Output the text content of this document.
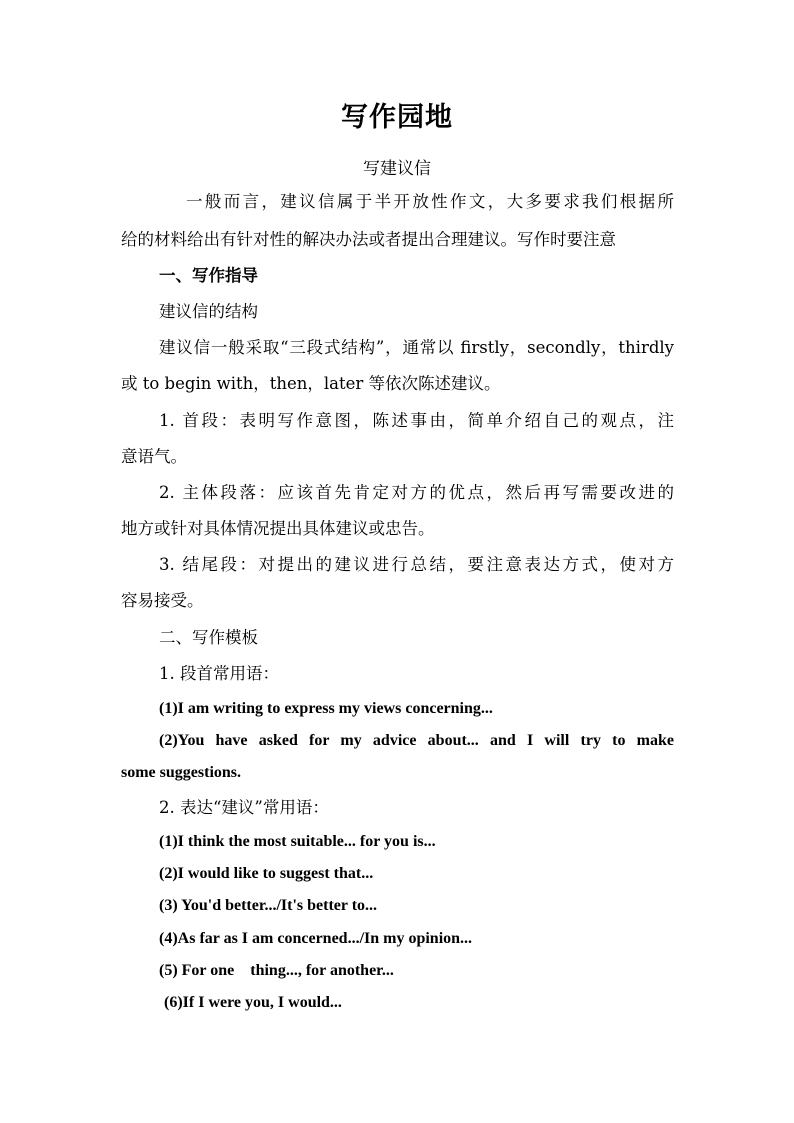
写作园地
写建议信
一般而言，建议信属于半开放性作文，大多要求我们根据所
给的材料给出有针对性的解决办法或者提出合理建议。写作时要注意
一、写作指导
建议信的结构
建议信一般采取“三段式结构”，通常以 firstly，secondly，thirdly
或 to begin with，then，later 等依次陈述建议。
1. 首段：表明写作意图，陈述事由，简单介绍自己的观点，注
意语气。
2. 主体段落：应该首先肯定对方的优点，然后再写需要改进的
地方或针对具体情况提出具体建议或忠告。
3. 结尾段：对提出的建议进行总结，要注意表达方式，使对方
容易接受。
二、写作模板
1. 段首常用语：
(1)I am writing to express my views concerning...
(2)You have asked for my advice about... and I will try to make
some suggestions.
2. 表达“建议”常用语：
(1)I think the most suitable... for you is...
(2)I would like to suggest that...
(3) You'd better.../It's better to...
(4)As far as I am concerned.../In my opinion...
(5) For one    thing..., for another...
(6)If I were you, I would...
